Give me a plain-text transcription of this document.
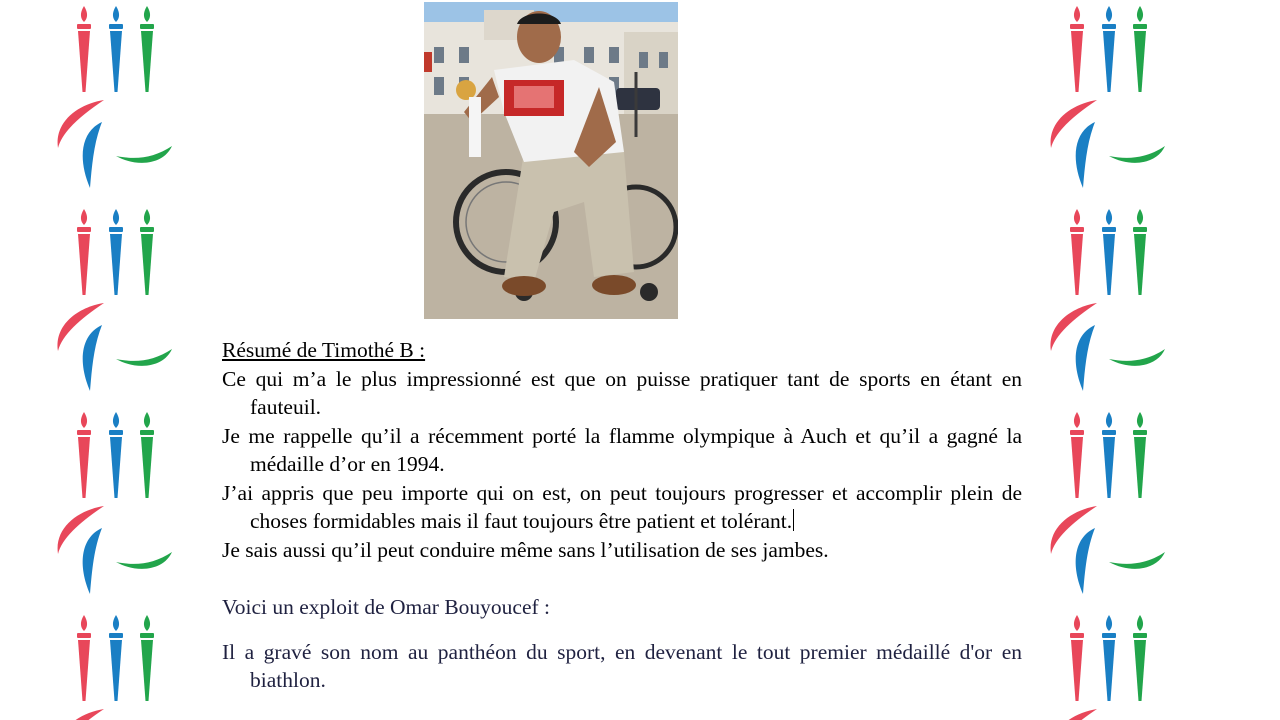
Résumé de Timothé B :

Ce qui m’a le plus impressionné est que on puisse pratiquer tant de sports en étant en fauteuil.

Je me rappelle qu’il a récemment porté la flamme olympique à Auch et qu’il a gagné la médaille d’or en 1994.

J’ai appris que peu importe qui on est, on peut toujours progresser et accomplir plein de choses formidables mais il faut toujours être patient et tolérant.

Je sais aussi qu’il peut conduire même sans l’utilisation de ses jambes.

Voici un exploit de Omar Bouyoucef :

Il a gravé son nom au panthéon du sport, en devenant le tout premier médaillé d'or en biathlon.
